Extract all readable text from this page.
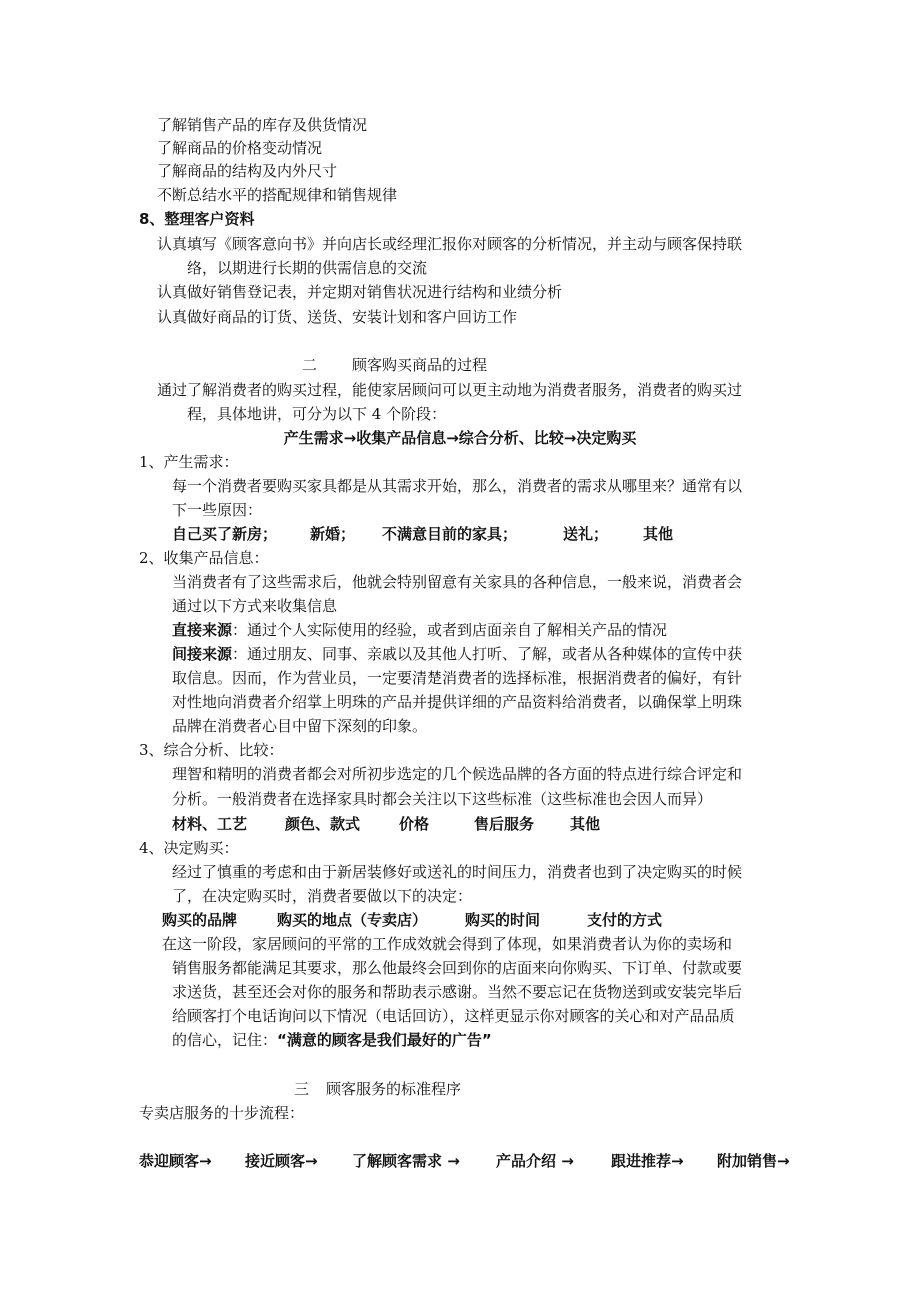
了解销售产品的库存及供货情况
了解商品的价格变动情况
了解商品的结构及内外尺寸
不断总结水平的搭配规律和销售规律
8、整理客户资料
认真填写《顾客意向书》并向店长或经理汇报你对顾客的分析情况，并主动与顾客保持联
络，以期进行长期的供需信息的交流
认真做好销售登记表，并定期对销售状况进行结构和业绩分析
认真做好商品的订货、送货、安装计划和客户回访工作
二 顾客购买商品的过程
通过了解消费者的购买过程，能使家居顾问可以更主动地为消费者服务，消费者的购买过
程，具体地讲，可分为以下 4 个阶段：
产生需求→收集产品信息→综合分析、比较→决定购买
1、产生需求：
每一个消费者要购买家具都是从其需求开始，那么，消费者的需求从哪里来？通常有以
下一些原因：
自己买了新房； 新婚； 不满意目前的家具；	送礼； 其他
2、收集产品信息：
当消费者有了这些需求后，他就会特别留意有关家具的各种信息，一般来说，消费者会
通过以下方式来收集信息
直接来源：通过个人实际使用的经验，或者到店面亲自了解相关产品的情况
间接来源：通过朋友、同事、亲戚以及其他人打听、了解，或者从各种媒体的宣传中获
取信息。因而，作为营业员，一定要清楚消费者的选择标准，根据消费者的偏好，有针
对性地向消费者介绍掌上明珠的产品并提供详细的产品资料给消费者，以确保掌上明珠
品牌在消费者心目中留下深刻的印象。
3、综合分析、比较：
理智和精明的消费者都会对所初步选定的几个候选品牌的各方面的特点进行综合评定和
分析。一般消费者在选择家具时都会关注以下这些标准（这些标准也会因人而异）
材料、工艺	颜色、款式	价格	售后服务 其他
4、决定购买：
经过了慎重的考虑和由于新居装修好或送礼的时间压力，消费者也到了决定购买的时候
了，在决定购买时，消费者要做以下的决定：
购买的品牌	购买的地点（专卖店）	购买的时间	支付的方式
在这一阶段，家居顾问的平常的工作成效就会得到了体现，如果消费者认为你的卖场和
销售服务都能满足其要求，那么他最终会回到你的店面来向你购买、下订单、付款或要
求送货，甚至还会对你的服务和帮助表示感谢。当然不要忘记在货物送到或安装完毕后
给顾客打个电话询问以下情况（电话回访），这样更显示你对顾客的关心和对产品品质
的信心，记住：“满意的顾客是我们最好的广告”
三 顾客服务的标准程序
专卖店服务的十步流程：
恭迎顾客→ 接近顾客→ 了解顾客需求 → 产品介绍 → 跟进推荐→ 附加销售→
